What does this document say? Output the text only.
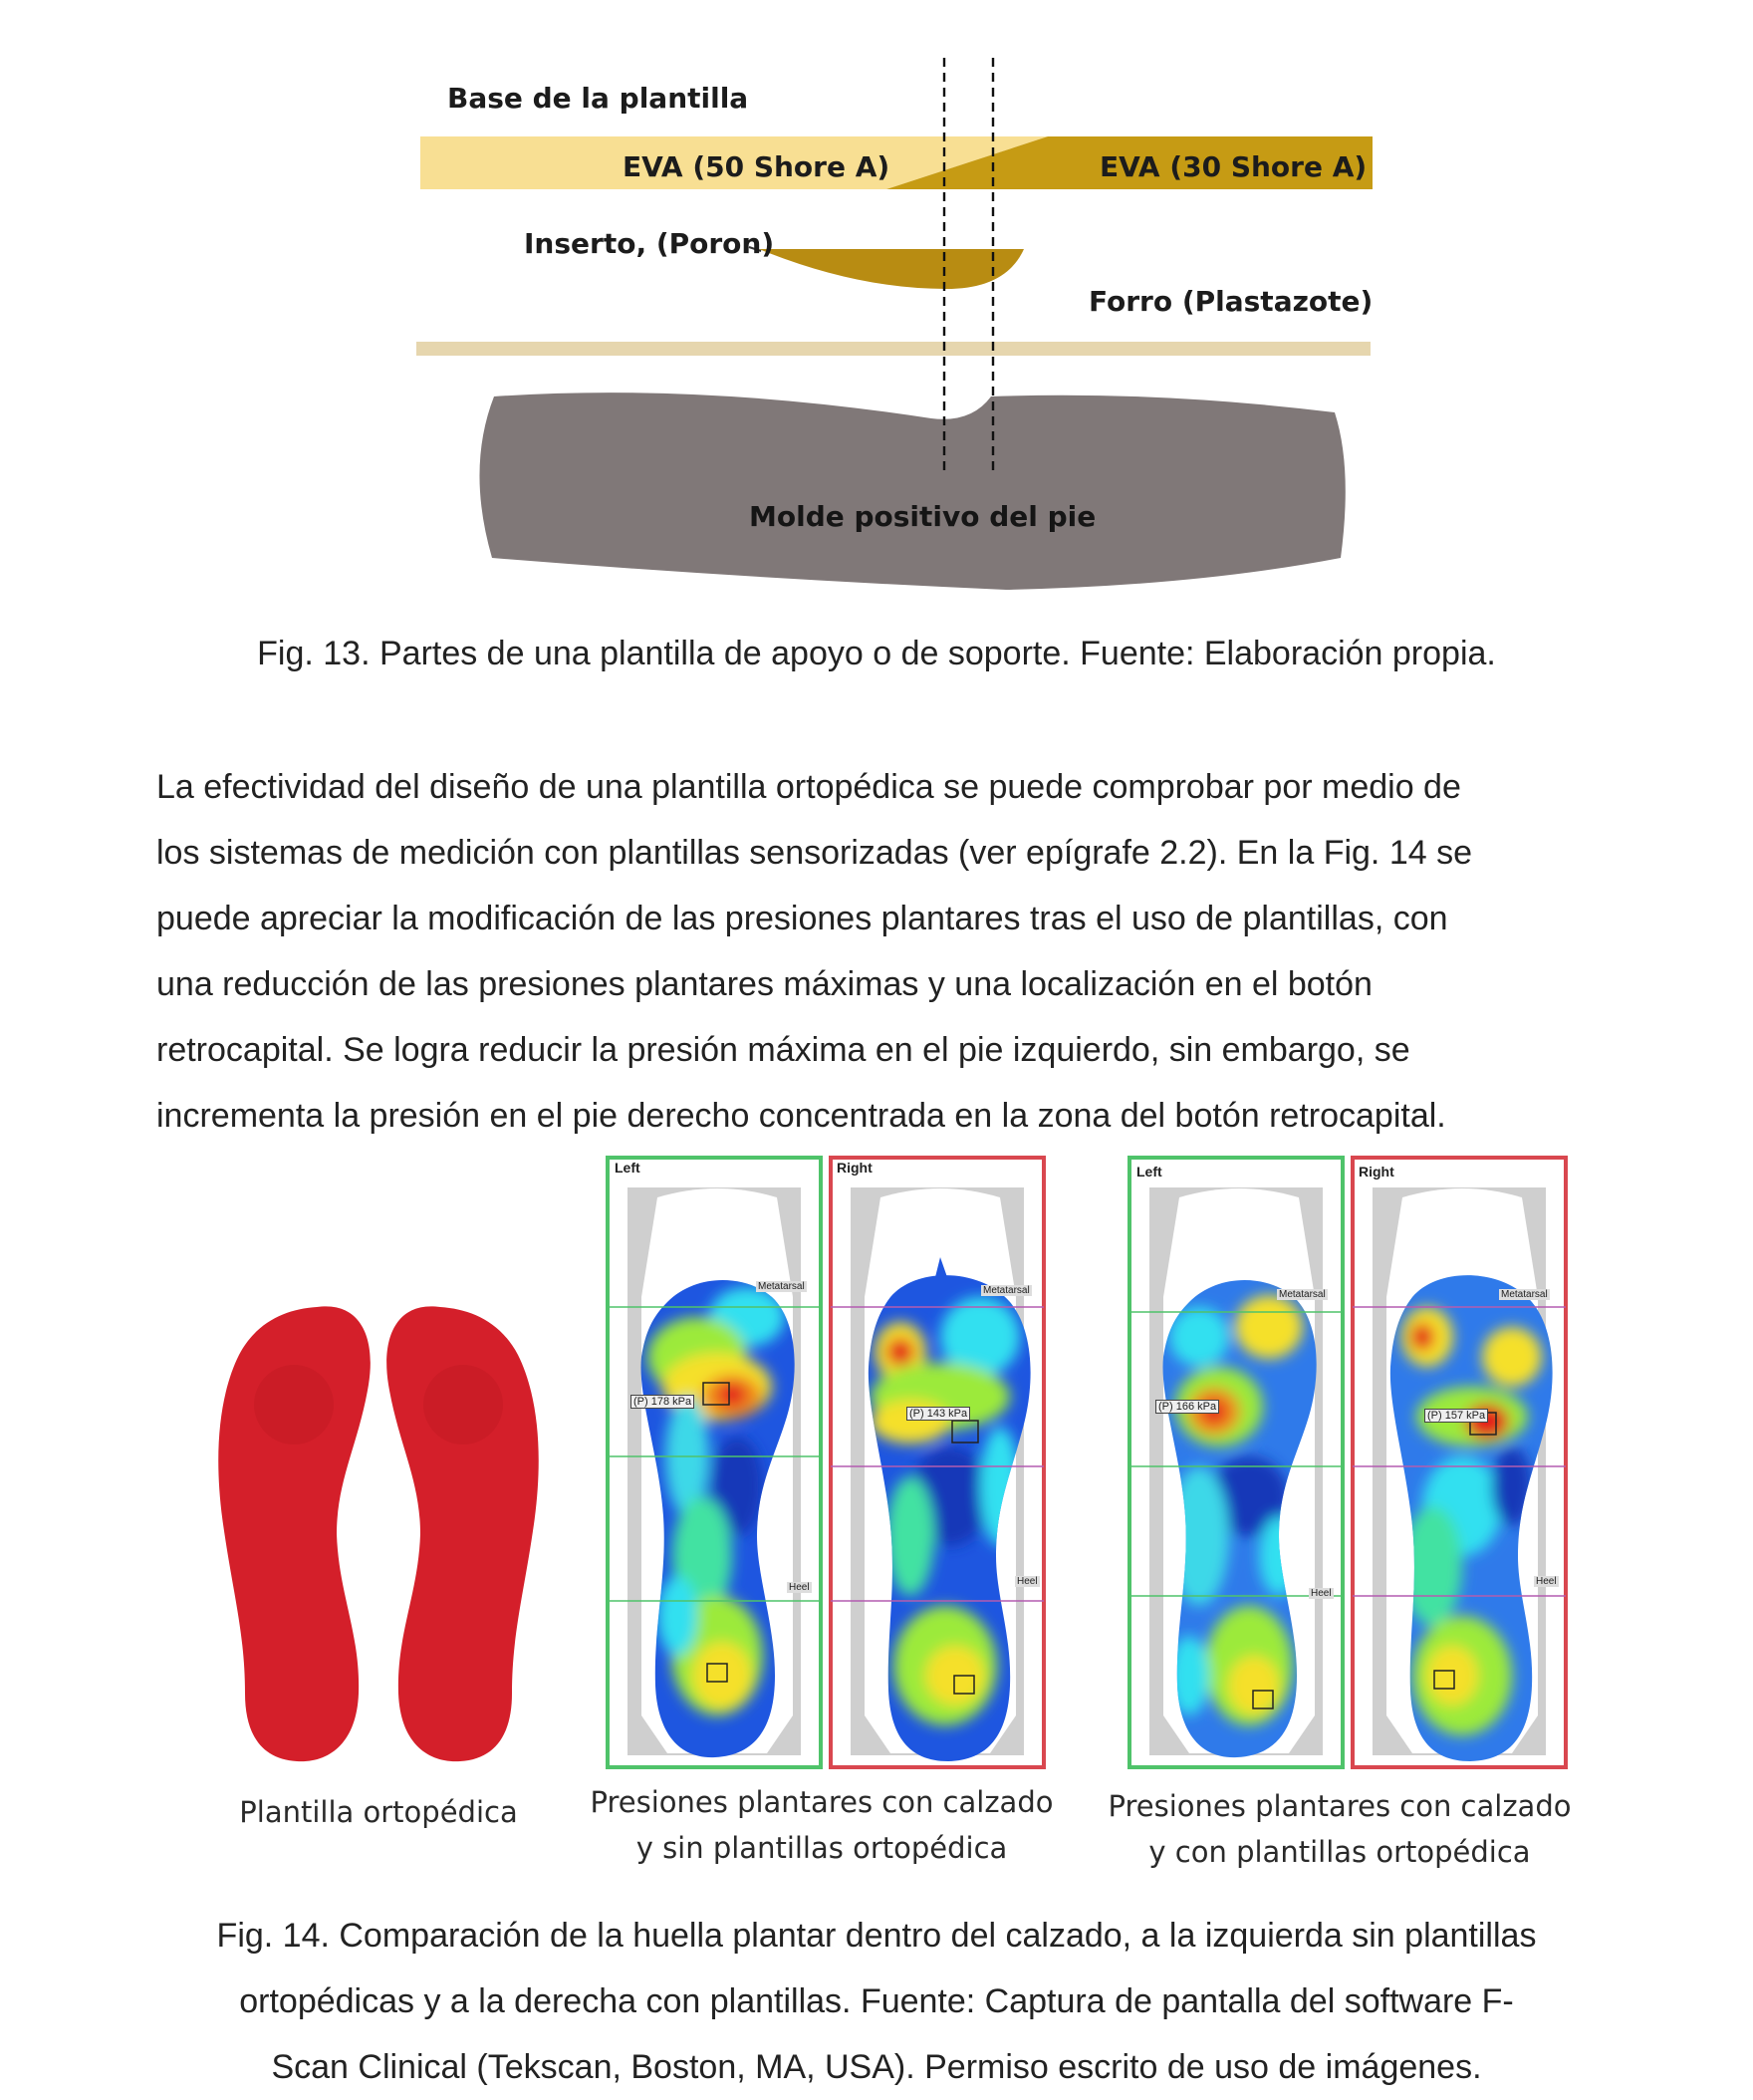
Base de la plantilla
EVA (50 Shore A)	EVA (30 Shore A)
Inserto, (Poron)
Forro (Plastazote)
Molde positivo del pie
Fig. 13. Partes de una plantilla de apoyo o de soporte. Fuente: Elaboración propia.
La efectividad del diseño de una plantilla ortopédica se puede comprobar por medio de
los sistemas de medición con plantillas sensorizadas (ver epígrafe 2.2). En la Fig. 14 se
puede apreciar la modificación de las presiones plantares tras el uso de plantillas, con
una reducción de las presiones plantares máximas y una localización en el botón
retrocapital. Se logra reducir la presión máxima en el pie izquierdo, sin embargo, se
incrementa la presión en el pie derecho concentrada en la zona del botón retrocapital.
Plantilla ortopédica
Left
Metatarsal
Heel
(P) 178 kPa
Right
Metatarsal
Heel
(P) 143 kPa
Left
Metatarsal
Heel
(P) 166 kPa
Right
Metatarsal
Heel
(P) 157 kPa
Presiones plantares con calzado
y sin plantillas ortopédica
Presiones plantares con calzado
y con plantillas ortopédica
Fig. 14. Comparación de la huella plantar dentro del calzado, a la izquierda sin plantillas
ortopédicas y a la derecha con plantillas. Fuente: Captura de pantalla del software F-
Scan Clinical (Tekscan, Boston, MA, USA). Permiso escrito de uso de imágenes.
